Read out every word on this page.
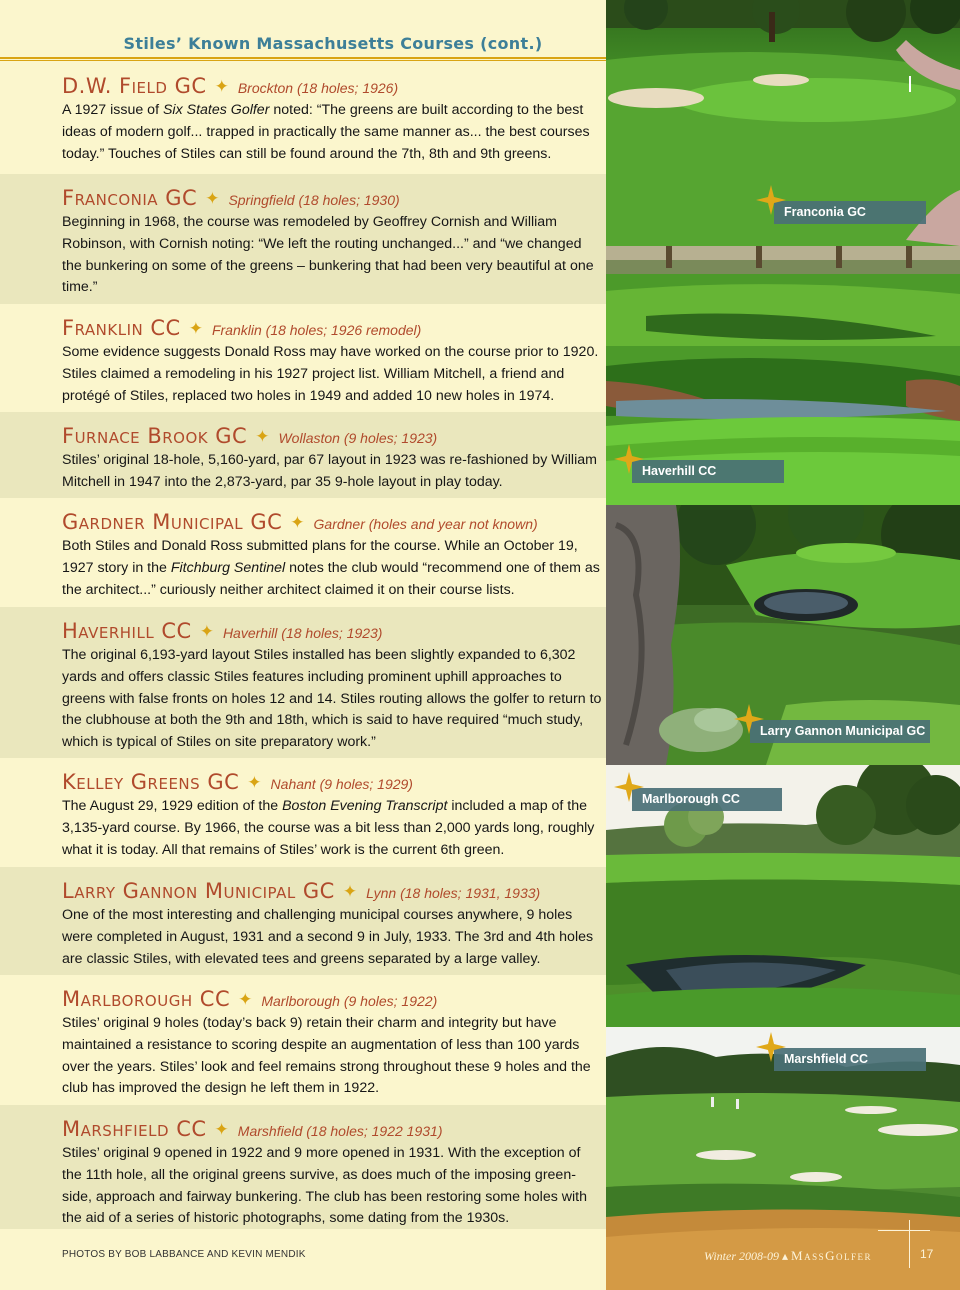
Stiles’ Known Massachusetts Courses (cont.)
D.W. Field GC ✦ Brockton (18 holes; 1926)

A 1927 issue of Six States Golfer noted: “The greens are built according to the best ideas of modern golf... trapped in practically the same manner as... the best courses today.” Touches of Stiles can still be found around the 7th, 8th and 9th greens.

Franconia GC ✦ Springfield (18 holes; 1930)

Beginning in 1968, the course was remodeled by Geoffrey Cornish and William Robinson, with Cornish noting: “We left the routing unchanged...” and “we changed the bunkering on some of the greens – bunkering that had been very beautiful at one time.”

Franklin CC ✦ Franklin (18 holes; 1926 remodel)

Some evidence suggests Donald Ross may have worked on the course prior to 1920. Stiles claimed a remodeling in his 1927 project list. William Mitchell, a friend and protégé of Stiles, replaced two holes in 1949 and added 10 new holes in 1974.

Furnace Brook GC ✦ Wollaston (9 holes; 1923)

Stiles’ original 18-hole, 5,160-yard, par 67 layout in 1923 was re-fashioned by William Mitchell in 1947 into the 2,873-yard, par 35 9-hole layout in play today.

Gardner Municipal GC ✦ Gardner (holes and year not known)

Both Stiles and Donald Ross submitted plans for the course. While an October 19, 1927 story in the Fitchburg Sentinel notes the club would “recommend one of them as the architect...” curiously neither architect claimed it on their course lists.

Haverhill CC ✦ Haverhill (18 holes; 1923)

The original 6,193-yard layout Stiles installed has been slightly expanded to 6,302 yards and offers classic Stiles features including prominent uphill approaches to greens with false fronts on holes 12 and 14. Stiles routing allows the golfer to return to the clubhouse at both the 9th and 18th, which is said to have required “much study, which is typical of Stiles on site preparatory work.”

Kelley Greens GC ✦ Nahant (9 holes; 1929)

The August 29, 1929 edition of the Boston Evening Transcript included a map of the 3,135-yard course. By 1966, the course was a bit less than 2,000 yards long, roughly what it is today. All that remains of Stiles’ work is the current 6th green.

Larry Gannon Municipal GC ✦ Lynn (18 holes; 1931, 1933)

One of the most interesting and challenging municipal courses anywhere, 9 holes were completed in August, 1931 and a second 9 in July, 1933. The 3rd and 4th holes are classic Stiles, with elevated tees and greens separated by a large valley.

Marlborough CC ✦ Marlborough (9 holes; 1922)

Stiles’ original 9 holes (today’s back 9) retain their charm and integrity but have maintained a resistance to scoring despite an augmentation of less than 100 yards over the years. Stiles’ look and feel remains strong throughout these 9 holes and the club has improved the design he left them in 1922.

Marshfield CC ✦ Marshfield (18 holes; 1922 1931)

Stiles’ original 9 opened in 1922 and 9 more opened in 1931. With the exception of the 11th hole, all the original greens survive, as does much of the imposing green-side, approach and fairway bunkering. The club has been restoring some holes with the aid of a series of historic photographs, some dating from the 1930s.

PHOTOS BY BOB LABBANCE AND KEVIN MENDIK
Franconia GC
Haverhill CC
Larry Gannon Municipal GC
Marlborough CC
Marshfield CC
Winter 2008-09 ▴ MassGolfer	17
